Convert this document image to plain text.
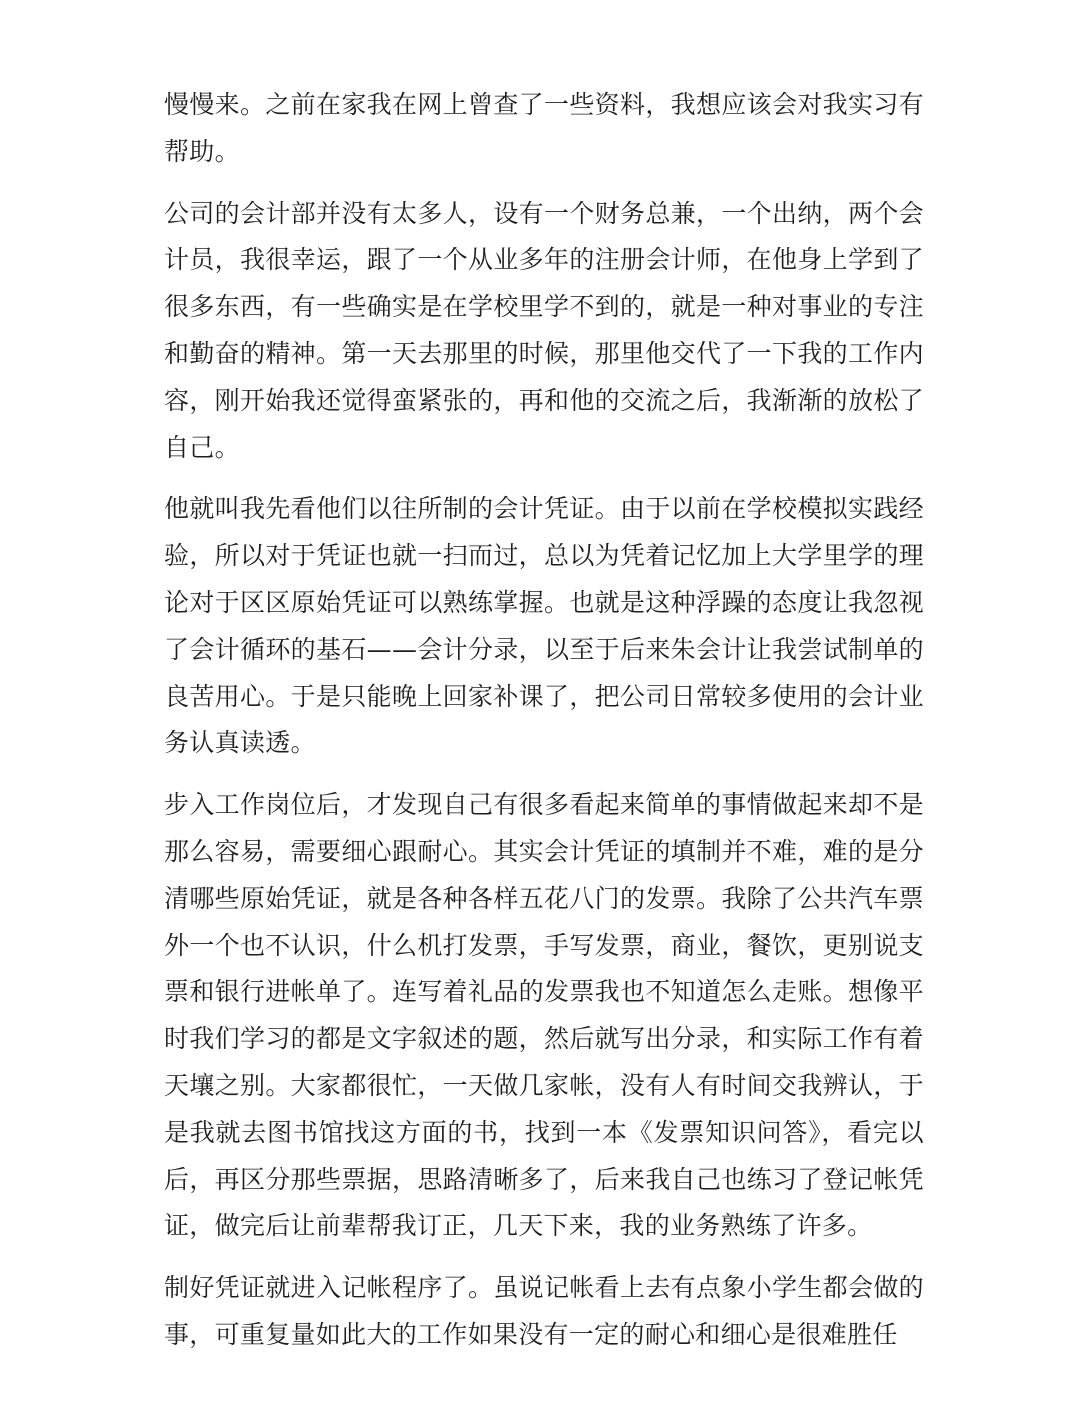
慢慢来。之前在家我在网上曾查了一些资料，我想应该会对我实习有帮助。

公司的会计部并没有太多人，设有一个财务总兼，一个出纳，两个会计员，我很幸运，跟了一个从业多年的注册会计师，在他身上学到了很多东西，有一些确实是在学校里学不到的，就是一种对事业的专注和勤奋的精神。第一天去那里的时候，那里他交代了一下我的工作内容，刚开始我还觉得蛮紧张的，再和他的交流之后，我渐渐的放松了自己。

他就叫我先看他们以往所制的会计凭证。由于以前在学校模拟实践经验，所以对于凭证也就一扫而过，总以为凭着记忆加上大学里学的理论对于区区原始凭证可以熟练掌握。也就是这种浮躁的态度让我忽视了会计循环的基石——会计分录，以至于后来朱会计让我尝试制单的良苦用心。于是只能晚上回家补课了，把公司日常较多使用的会计业务认真读透。

步入工作岗位后，才发现自己有很多看起来简单的事情做起来却不是那么容易，需要细心跟耐心。其实会计凭证的填制并不难，难的是分清哪些原始凭证，就是各种各样五花八门的发票。我除了公共汽车票外一个也不认识，什么机打发票，手写发票，商业，餐饮，更别说支票和银行进帐单了。连写着礼品的发票我也不知道怎么走账。想像平时我们学习的都是文字叙述的题，然后就写出分录，和实际工作有着天壤之别。大家都很忙，一天做几家帐，没有人有时间交我辨认，于是我就去图书馆找这方面的书，找到一本《发票知识问答》，看完以后，再区分那些票据，思路清晰多了，后来我自己也练习了登记帐凭证，做完后让前辈帮我订正，几天下来，我的业务熟练了许多。

制好凭证就进入记帐程序了。虽说记帐看上去有点象小学生都会做的事，可重复量如此大的工作如果没有一定的耐心和细心是很难胜任
